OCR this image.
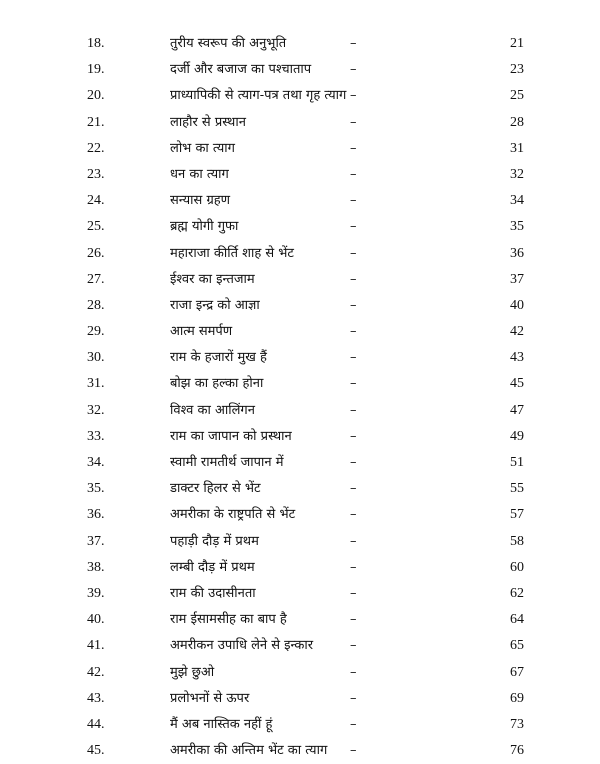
18.	तुरीय स्वरूप की अनुभूति	–	21
19.	दर्जी और बजाज का पश्चाताप	–	23
20.	प्राध्यापिकी से त्याग-पत्र तथा गृह त्याग –	25
21.	लाहौर से प्रस्थान	–	28
22.	लोभ का त्याग	–	31
23.	धन का त्याग	–	32
24.	सन्यास ग्रहण	–	34
25.	ब्रह्म योगी गुफा	–	35
26.	महाराजा कीर्ति शाह से भेंट	–	36
27.	ईश्वर का इन्तजाम	–	37
28.	राजा इन्द्र को आज्ञा	–	40
29.	आत्म समर्पण	–	42
30.	राम के हजारों मुख हैं	–	43
31.	बोझ का हल्का होना	–	45
32.	विश्व का आलिंगन	–	47
33.	राम का जापान को प्रस्थान	–	49
34.	स्वामी रामतीर्थ जापान में	–	51
35.	डाक्टर हिलर से भेंट	–	55
36.	अमरीका के राष्ट्रपति से भेंट	–	57
37.	पहाड़ी दौड़ में प्रथम	–	58
38.	लम्बी दौड़ में प्रथम	–	60
39.	राम की उदासीनता	–	62
40.	राम ईसामसीह का बाप है	–	64
41.	अमरीकन उपाधि लेने से इन्कार	–	65
42.	मुझे छुओ	–	67
43.	प्रलोभनों से ऊपर	–	69
44.	मैं अब नास्तिक नहीं हूं	–	73
45.	अमरीका की अन्तिम भेंट का त्याग	–	76
